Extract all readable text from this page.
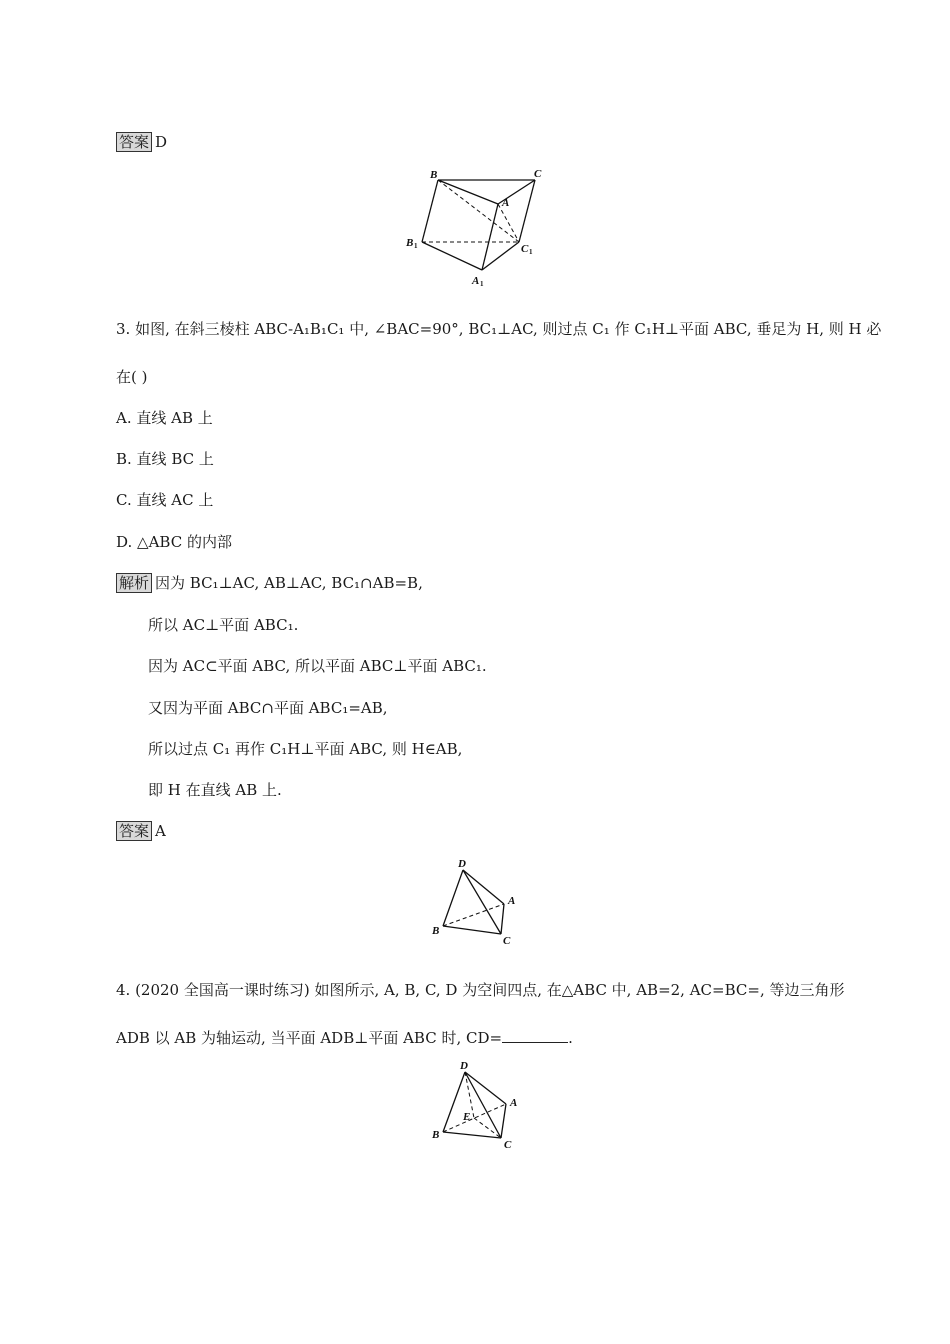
答案 D
B	C
A
B 1	C 1
A 1
3. 如图, 在斜三棱柱 ABC-A₁B₁C₁ 中, ∠BAC=90°, BC₁⊥AC, 则过点 C₁ 作 C₁H⊥平面 ABC, 垂足为 H, 则 H 必
在( )
A. 直线 AB 上
B. 直线 BC 上
C. 直线 AC 上
D. △ABC 的内部
解析 因为 BC₁⊥AC, AB⊥AC, BC₁∩AB=B,
所以 AC⊥平面 ABC₁.
因为 AC⊂平面 ABC, 所以平面 ABC⊥平面 ABC₁.
又因为平面 ABC∩平面 ABC₁=AB,
所以过点 C₁ 再作 C₁H⊥平面 ABC, 则 H∈AB,
即 H 在直线 AB 上.
答案 A
D
A
B
C
4. (2020 全国高一课时练习) 如图所示, A, B, C, D 为空间四点, 在△ABC 中, AB=2, AC=BC=, 等边三角形
ADB 以 AB 为轴运动, 当平面 ADB⊥平面 ABC 时, CD=	.
D
A
B
C
E
